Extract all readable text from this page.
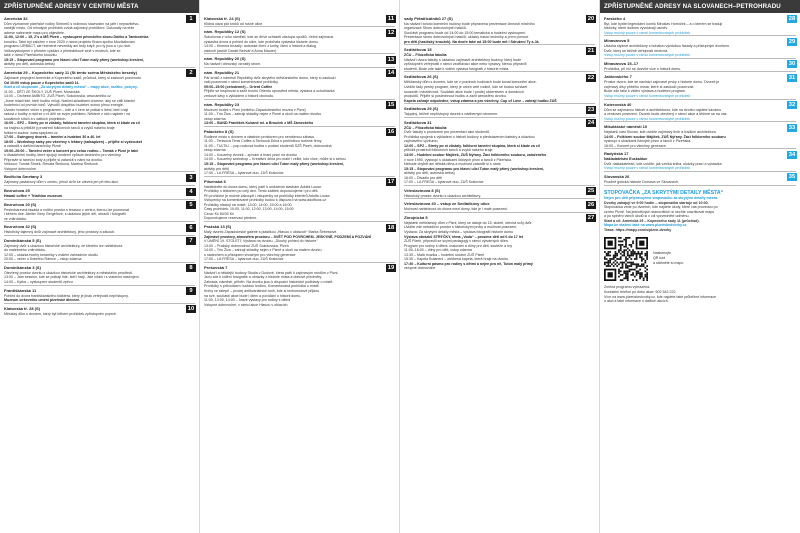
ZPŘÍSTUPNĚNÉ ADRESY V CENTRU MĚSTA
Americká 32	1
Dům významné plzeňské rodiny Steinerů s rodinnou slavnostní na jaře i nejnavštěvo-
vanější místo. Od minulých prohlídek zvídá zajímavý prohlížení. Dokonalý na téže
adrese naleznete mapu pro objevitele.
11:00, 12:00 – 15, Z's a MŠ Plzeň – vystoupení pěveckého sboru Dáčko a Tamborínka
kroužku. Také byl založen v roce 2020 v rámci projektu Bravo spolku Muzikálování
programu URBACT, ale řečmeně nevznikly ani tedy když; pro ty jsou a i po nich.
Velkovystoupení v přímém vysílání z přednáškové síně v místech, kde se
také v rámci Plzeňského kroužku.
15:15 – Stopování programu pro hlavní ulici Tuton malý přímý (workshop kreslení,
aktivity pro děti, autorská četba)
Americká 29 – Kopeckého sady 11 (St tento scéna Městského besedy)	2
Zajímavé propojení Americké a Kopeckého sadů, průchod, který si zaslouží pozornost.
Od 10:00 vstup pouze z Kopeckého sadů 11.
Start a cíl stopování „Za skrytými detaily města“ – mapy akce, razítko, pokyny.
11:00 – DĚTI ZE ŠKOLY, ZUŠ Plzeň, Moravská
14:00 – Orchestr AMBITO, ZUŠ Plzeň, Sokolovská, www.ambito.cz
„Jsme mladí lidé, kteří hudbu milují. Našimi skladbami chceme, aby se cítili šťastní
hudebníci od prvních tónů. Vytvořili dospělou hudební scénu plnou energie.
Úvodní hudební večer s programem – kde a v čem se potkat s lidmi, kteří mají
radost z hudby a rádi se o ni dělí se svým publikem. Některé z nich najdete i na
sociálních sítích a v dalších projektech.
16:00 – SPZ – Strety po ní zůstaly, folklorní taneční skupina, která si klade za cíl
na krajinu a přiblížit ji prostředí folklorních tanců a zvyků našeho kraje
folklorní soubor, www.spzplzen.cz
17:00 – Swingový dvorek – taneční a hudební 30 a 40. let
18:00 – Workshop salsy pro všechny s lektory (salsaplzen) – přijďte si vyzkoušet
a zatančit s dalšími tanečníky Plzně
19:00–20:00 – Taneční večer a koncert pro celou rodinu – Tomáš v Plzni je také
s divadelními hudby, které spojují moderní způsob tanečního pro všechny.
Připravte si taneční boty a přijďte si zatančit s námi na dvorku.
Vedoucí: Tomáš Šimek, Renata Šimková, Martina Šimková
Vstupné dobrovolné
Bedřicha Smetany 3	3
Zajímavý pavlačový dům v centru, jehož dvůr se otevírá jen při této akci.
Bezručova 25	4
Hawaii coffee + Triathlon museum
Bezručova 20 (S)	5
Pestrobarevná fasáda a vnitřní prostor s terasou v centru, kterou lze pozorovat
i během dne. Atelier Viery Gergeľové, s ukázkou jejích děl, obrazů i fotografií
ve vnitrobloku.
Bezručova 32 (S)	6
Historický tajemný dvůr zajímavé architektury, jeho prostory a zákoutí.
Dominikánská 5 (S)	7
Zajímavý dvůr s ukázkou historické architektury, ze kterého lze nahlédnout
do malebného vnitrobloku.
12:00 – ukázka tvorby keramiky v malém zahradním studiu
20:00 – večer u Dobrého Rámce – vstup zdarma
Dominikánská 3 (S)	8
Otevřený prostor dvorku s ukázkou historické architektury a městského prostředí.
13:00 – Jam session, kde se potkají lidé, kteří hrají. Jste vítáni i s vlastním nástrojem.
14:00 – Kytka – vystoupení studentů zpěvu
Františkánská 11	9
Pohled do dvora františkánského kláštera, který je jinak veřejnosti nepřístupný.
Muzeum církevního umění plzeňské diecéze.
Klatovská tř. 28 (S)	10
Městský dům s dvorem, který byl během prohlídek zpřístupněn poprvé.
Klatovská tř. 24 (S)	11
Klidná oáza pár kroků od rušné ulice.
nám. Republiky 12 (S)	12
Sokolovna v rohu náměstí, kde se dříve scházeli zástupci spolků. Velmi zajímavá
výstavba dvora a pohled do ulice, kde probíhala výstavka historie domu.
14:00 – Kinema brutally: autorské čtení z knihy, čtení o historii a dialog
nádvoří (autoři Daniel Bečvář a Anna Maurer)
nám. Republiky 20 (S)	13
Na nádvoří obrovský vzrostlý strom.
nám. Republiky 21	14
Pár kroků z náměstí Republiky dvůr skrytého měšťanského domu, který si zaslouží
vaši pozornost v rámci komentované prohlídky.
09:00–15:00 (celodenně) – Orient Coffee
Přijďte se inspirovat a zažít trochu Orientu uprostřed města, výstava a ochutnávka
zrnkové kávy s výkladem o historii obchodu.
nám. Republiky 23	15
Muzeum loutek v Plzni (velkého Západočeského muzea v Plzni)
11:00 – Trio Živa – zahrají skladby nejen z Plzně a okolí na malém dvorku
vstup zdarma
13:00 – BAND František Kubaně ml. a Brouček z MŠ Zámeckého
Palackého 8 (S)	16
Rodinné místo s dvorem a vlastním prostorem pro nerušenou zábavu.
11:00 – Tenisová Tenis Coffee a Tenisová Dílna s prohlídkou rodinné firmy
11:00 – TULTILI – pop-rocková hudba v podání studentů SZŠ Plzeň, dobrovolná
vstup zdarma
14:00 – Kouzelný dvorek – zpívání a hraní písní na dvorku
14:00 – Kouzelný workshop – Kreativní dílna pro malé i velké, kdo chce, může si s sebou
15:15 – Stopování programu pro hlavní ulici Tuton malý přímý (workshop kreslení,
aktivity pro děti)
17:00 – LA FRESA – kytarové duo, ZUŠ Kralovice
Pilsenská 6	17
Nahlédněte do dvora domu, který patří k unikátním stavbám Adolfa Loose.
Prohlídky s lektorem po celý den. Tento zážitek doporučujeme i pro děti.
Při prohlídce je možné zakoupit i vstupenky na prohlídky interiérů Adolfa Loose.
Vstupenky na komentované prohlídky budou k dispozici na www.adolfloos.cz
Prohlídky startují na místě, 13:00, 14:00, 15:00 a 16:00.
Časy prohlídek: 10:00, 11:00, 12:00, 13:00, 14:00, 15:00
Cena: Kč 60/30 Kč
Doporučujeme rezervaci předem.
Pražská 13 (S)	18
Malý dvorek Západočeské galerie s plastikou „Hlavou v oblacích“ Marka Šebestové.
Zajímavé prostory, atmosféra prostoru – SVĚT POD POVRCHEM. JESKYNĚ, PODZEMÍ A POZVÁNÍ
V UMĚNÍ 19. STOLETÍ: Výstava na dvorku, „Dlouhý pohled do historie“
13:00 – Pražský dobrovolníci ZUŠ Sokolovská, Plzeň
14:00 – Trio Živa – zahrají skladby nejen z Plzně a okolí na malém dvorku
s nádechem a přístupem vhodným pro všechny generace
17:00 – LA FRESA – kytarové duo, ZUŠ Kralovice
Prešovská 7	19
Nádvoří a někdejší budovy Studia v Dudově, která patří k zajímavým místům v Plzni.
Jsou zde k vidění fotografie a obrázky z historie místa a dobové předměty.
Zahrada, náměstí, příběh: Na dvorku jsou k dispozici historické podklady o místě.
Prohlídky s průvodcem: každou hodinu, Komentovaná prohlídka o místě.
Knihy ve sklepě – prodej antikvariátních knih, kde si knihomolové přijdou
na své, součástí akce bude i čtení a povídání o historii domu.
11:00, 13:00, 14:00 – hravé výstavy pro rodiny s dětmi
Vstupné dobrovolné, v rámci akce Hlavou v oblacích
sady Pětatřicátníků 27 (S)	20
Na nádvoří tohoto komerční budovy bude připravena prezentace činnosti místního
organizace Sboru dobrovolných hasičů.
Součástí programu bude od 14:00 do 15:00 tematická a hudební vystoupení.
Prezentace sboru dobrovolných hasičů, ukázky hasicí techniky a první pomoci
pro děti (hasičský kroužek). Na dvoře také od 15:00 bude mít i Sdružení Ty a Já.
Sedláčkova 15	21
ZČU – Filozofická fakulta
Nádvoří dvora fakulty s ukázkou zajímavé architektury budovy, který bude
zpřístupněn veřejnosti v rámci vzdělávací akce nebo výstavy, kterou připravili
studenti. Bude zde také k vidění výstava fotografií z historie místa.
Sedláčkova 26 (S)	22
Měšťanský dům s dvorem, kde se v pozdních hodinách bude konat komunitní akce.
Uvidíte tady pestrý program, který je určen celé rodině, kde se budou scházet
sousedé i návštěvníci. Součástí akce bude i prodej občerstvení a domácích
produktů. Přijďte si poslechnout hudbu a zažít atmosféru dvorku.
Kapela zahraje odpoledne, vstup zdarma a pro všechny. Cup of Love – zahrají hudbu ZUŠ
Sedláčkova 29 (S)	23
Tajuplný, běžně nepřístupný dvorek s nádherným stromem.
Sedláčkova 31	24
ZČU – Filozofická fakulta
Dvůr fakulty s prostorem pro prezentaci akcí studentů.
Prohlídka spojená s výkladem o historii budovy a představením katedry a ukázkou
zajímavého výzkumu.
12:00 – SPZ – Strety po ní zůstaly, folklorní taneční skupina, která si klade za cíl
přiblížit prostředí folklorních tanců a zvyků našeho kraje
14:00 – Hudební soubor Májíček, ZUŠ Nýřany. Žáci folklorního souboru, založeného
v roce 1990, vystoupí s ukázkami lidových písní a tanců z Plzeňska.
Nebude chybět ani dětská dílna a možnost zatančit si s námi.
15:15 – Stopování programu pro hlavní ulici Tuton malý přímý (workshop kreslení,
aktivity pro děti, autorská četba)
16:00 – Divadlo pro děti
17:00 – LA FRESA – kytarové duo, ZUŠ Kralovice
Veleslavínova 8 (S)	25
Historický prostor dvorku s ukázkou architektury.
Veleslavínova 40 – vstup ze Sedláčkovy ulice	26
Možnost nahlédnout do dvora mezi domy, kde je i malé posezení.
Zbrojnická 5	27
Nejstarší měšťanský dům v Plzni, který se datuje do 15. století, otevírá svůj dvůr.
Uvidíte zde netradiční prostor s historickými prvky a možnost posezení.
Výstava: Za skrytými detaily města – výstava fotografií historie domu
Výstava obrázků STRÝČKY, téma „Voda“ – prosíme děti od 6 do 17 let
ZUŠ Plzeň, připravili se svými pedagogy v rámci výtvarných dílen.
Program pro rodiny s dětmi: malování a dílny pro děti, soutěže a hry
11:00–16:00 – dílny pro děti, vstup zdarma
13:30 – Malá muzika – hudební soubor ZUŠ Plzeň
15:30 – Kapela Bulaneni – oblíbená kapela, která hraje na dvorku
17:30 – Kulturní pásmo pro rodiny s dětmi a nejen pro ně, Tuton malý přímý
vstupné dobrovolné
ZPŘÍSTUPNĚNÉ ADRESY NA SLOVANECH–PETROHRADU
Farského 4	28
Byt, kde bydlel legendární komik Miroslav Horníček – a o kterém se tradují
historky, které dodnes vyvolávají úsměv.
Vstup možný pouze v rámci komentovaných prohlídek
Mlnavarova 5	29
Ukázka stylové architektury s bohatou výzdobou fasády a přístupným dvorkem.
Dvůr, který se běžně veřejnosti neotvírá.
Vstup možný pouze v rámci komentovaných prohlídek
Mlnavarova 15–17	30
Prohlídka, při níž se dozvíte více o historii domu.
Jablonského 7	31
Prostor dvora, kde se nachází zajímavé prvky z historie domu. Dvorek je
zajímavý díky příběhu místa, které si zaslouží pozornost.
Bude zde také k vidění výstava a hudební program.
Vstup možný pouze v rámci komentovaných prohlídek
Koterovská 40	32
Dům se zajímavou historií a architekturou, kde na dvorku najdete kavárnu
a venkovní posezení. Dvorek bude otevřený v rámci akce a těšíme se na vás.
Vstup možný pouze v rámci komentovaných prohlídek
Mikulášské náměstí 10	33
Nejstarší část Slovan, kde uvidíte zajímavý dvůr a tradiční architekturu.
14:00 – Folklorní soubor Májíček, ZUŠ Nýřany. Žáci folklorního souboru
vystoupí s ukázkami lidových písní a tanců z Plzeňska.
16:00 – Koncert pro všechny generace.
Radyňská 17	34
Nakladatelství Euskaldun
Dvůr nakladatelství, kde uvidíte, jak vzniká kniha, ukázky prací a výstavka.
Vstup možný pouze v rámci komentovaných prohlídek
Slovanská 26	35
Pozdně gotická historie Domova ve Slovanech.
STOPOVAČKA „ZA SKRYTÝMI DETAILY MĚSTA“
Nejen pro děti připravujeme stopovačku za skrytými detaily města.
Dvorky zahajují ve 9:00 hodin – stopovačka startuje od 10:00.
Stopovačka vede po dvorech, kde najdete úkoly, které vás provedou po
centru Plzně. Na jednotlivých stanovištích si nechte orazítkovat mapu
a po splnění všech úkolů si v cíli vyzvedněte odměnu.
Start a cíl: Americká 29 – Kopeckého sady 11 (průchod).
Mapa ke stažení také na www.plzenskedvorky.cz
Trasa: https://mapy.com/s/plzen-dvorky
Naskenujte
QR kód
a stáhněte si mapu
Změna programu vyhrazena.
Kontaktní telefon po dobu akce: 602 543 222.
Více na www.plzenskedvorky.cz, kde najdete také průběžné informace
o akci a také informace o dalších akcích.
